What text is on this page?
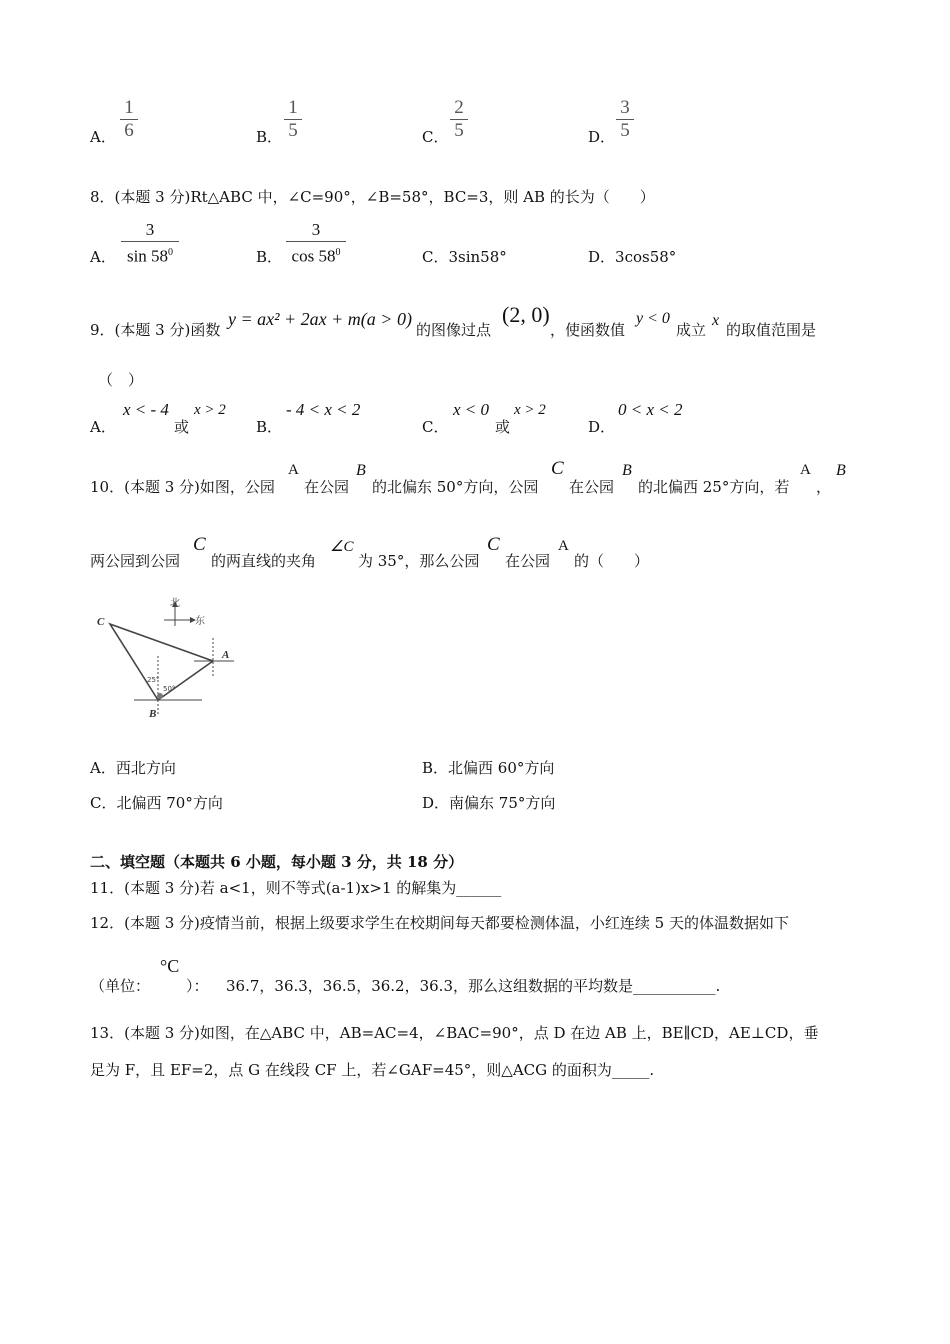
A．
1
6	B．
1
5	C．
2
5	D．
3
5
8．(本题 3 分)Rt△ABC 中，∠C=90°，∠B=58°，BC=3，则 AB 的长为（　　）
A．
3
$\sin 58^0$	B．
3
$\cos 58^0$	C．3sin58°	D．3cos58°
9．(本题 3 分)函数
y = ax² + 2ax + m(a > 0)
的图像过点
(2, 0)
，使函数值
y < 0
成立
x
的取值范围是
（　）
A．
x < - 4
或
x > 2
B．
- 4 < x < 2
C．
x < 0
或
x > 2
D．
0 < x < 2
10．(本题 3 分)如图，公园
A
在公园
B
的北偏东 50°方向，公园
C
在公园
B
的北偏西 25°方向，若
A
，
B
两公园到公园
C
的两直线的夹角
∠C
为 35°，那么公园
C
在公园
A
的（　　）
北
东
25°
50°
C
A
B
A．西北方向	B．北偏西 60°方向
C．北偏西 70°方向	D．南偏东 75°方向
二、填空题（本题共 6 小题，每小题 3 分，共 18 分）
11．(本题 3 分)若 a<1，则不等式(a-1)x>1 的解集为______
12．(本题 3 分)疫情当前，根据上级要求学生在校期间每天都要检测体温，小红连续 5 天的体温数据如下
（单位：
°C
）： 36.7，36.3，36.5，36.2，36.3，那么这组数据的平均数是___________.
13．(本题 3 分)如图，在△ABC 中，AB=AC=4，∠BAC=90°，点 D 在边 AB 上，BE∥CD，AE⊥CD，垂
足为 F，且 EF=2，点 G 在线段 CF 上，若∠GAF=45°，则△ACG 的面积为_____.
